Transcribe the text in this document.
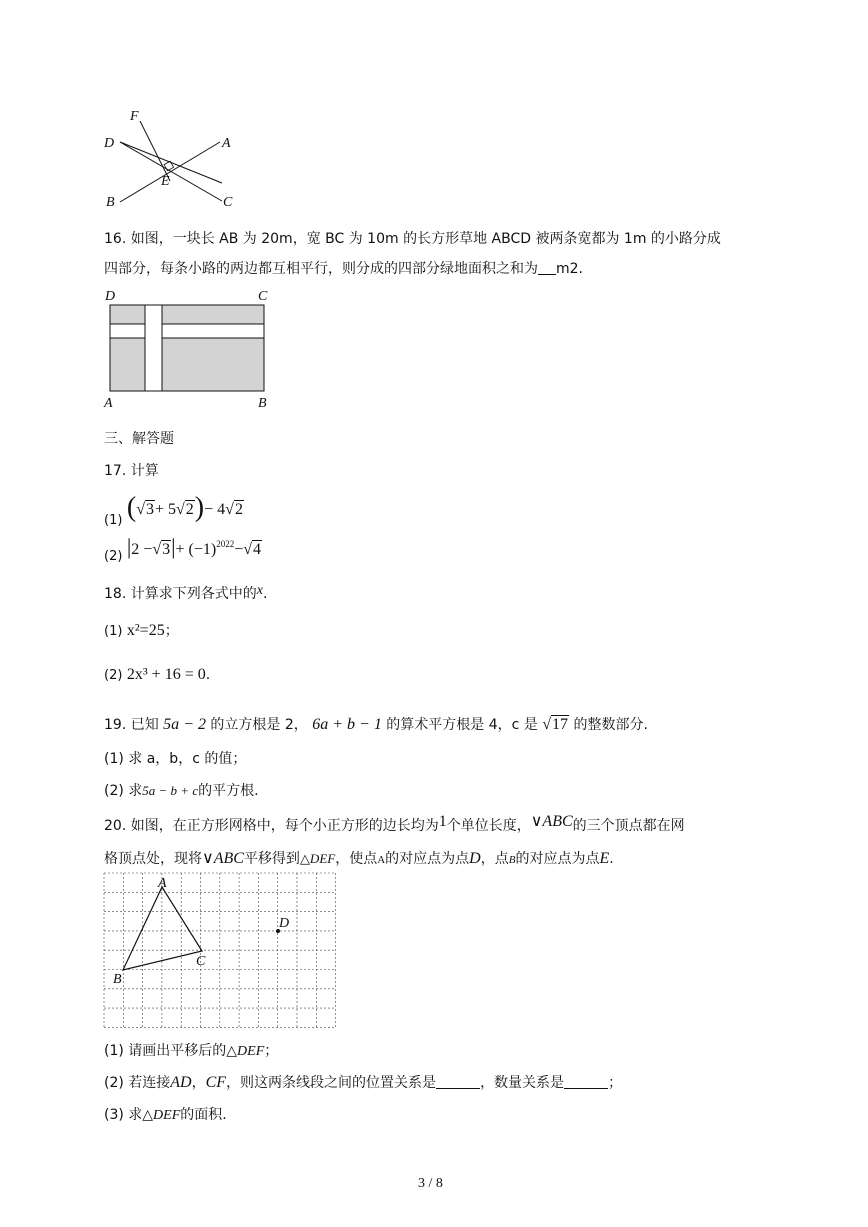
F
D	A
E
B	C
16. 如图，一块长 AB 为 20m，宽 BC 为 10m 的长方形草地 ABCD 被两条宽都为 1m 的小路分成
四部分，每条小路的两边都互相平行，则分成的四部分绿地面积之和为 m2.
D	C
A	B
三、解答题
17. 计算
(1) (√3+ 5√2)− 4√2
(2) $|2 -√3|+ (-1)^{2022}-√4$
18. 计算求下列各式中的x.
(1) x²=25；
(2) 2x³ + 16 = 0.
19. 已知 5a − 2 的立方根是 2， 6a + b − 1 的算术平方根是 4，c 是 √17 的整数部分.
(1) 求 a，b，c 的值；
(2) 求5a − b + c的平方根.
20. 如图，在正方形网格中，每个小正方形的边长均为1个单位长度，∨ABC的三个顶点都在网
格顶点处，现将∨ABC平移得到△DEF，使点A的对应点为点D，点B的对应点为点E.
A
D
C
B
(1) 请画出平移后的△DEF；
(2) 若连接AD，CF，则这两条线段之间的位置关系是	，数量关系是	；
(3) 求△DEF的面积.
3 / 8
